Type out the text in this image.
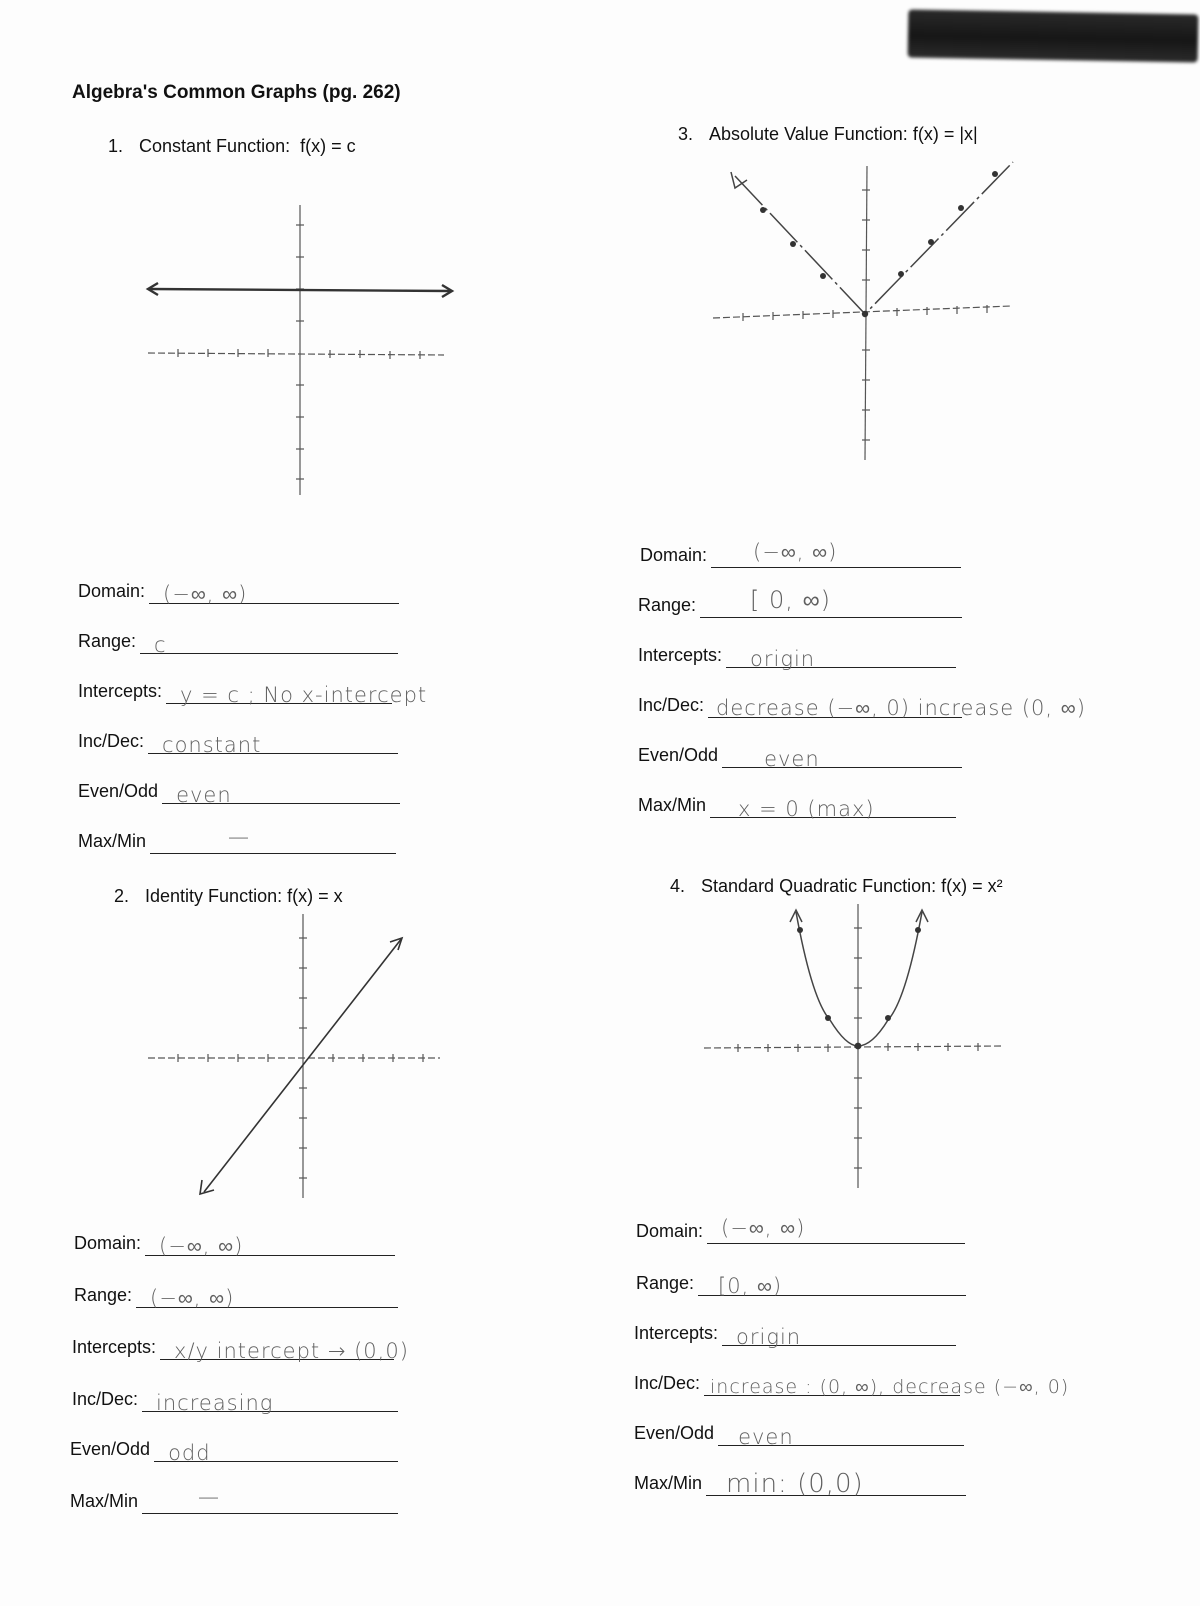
Algebra's Common Graphs (pg. 262)
1. Constant Function: f(x) = c
Domain: (−∞, ∞)
Range: c
Intercepts: y = c ; No x-intercept
Inc/Dec: constant
Even/Odd even
Max/Min	—
2. Identity Function: f(x) = x
Domain: (−∞, ∞)
Range: (−∞, ∞)
Intercepts: x/y intercept → (0,0)
Inc/Dec: increasing
Even/Odd odd
Max/Min	—
3. Absolute Value Function: f(x) = |x|
Domain: (−∞, ∞)
Range: [ 0, ∞)
Intercepts: origin
Inc/Dec: decrease (−∞, 0) increase (0, ∞)
Even/Odd even
Max/Min x = 0 (max)
4. Standard Quadratic Function: f(x) = x²
Domain: (−∞, ∞)
Range: [0, ∞)
Intercepts: origin
Inc/Dec: increase : (0, ∞), decrease (−∞, 0)
Even/Odd even
Max/Min min: (0,0)
